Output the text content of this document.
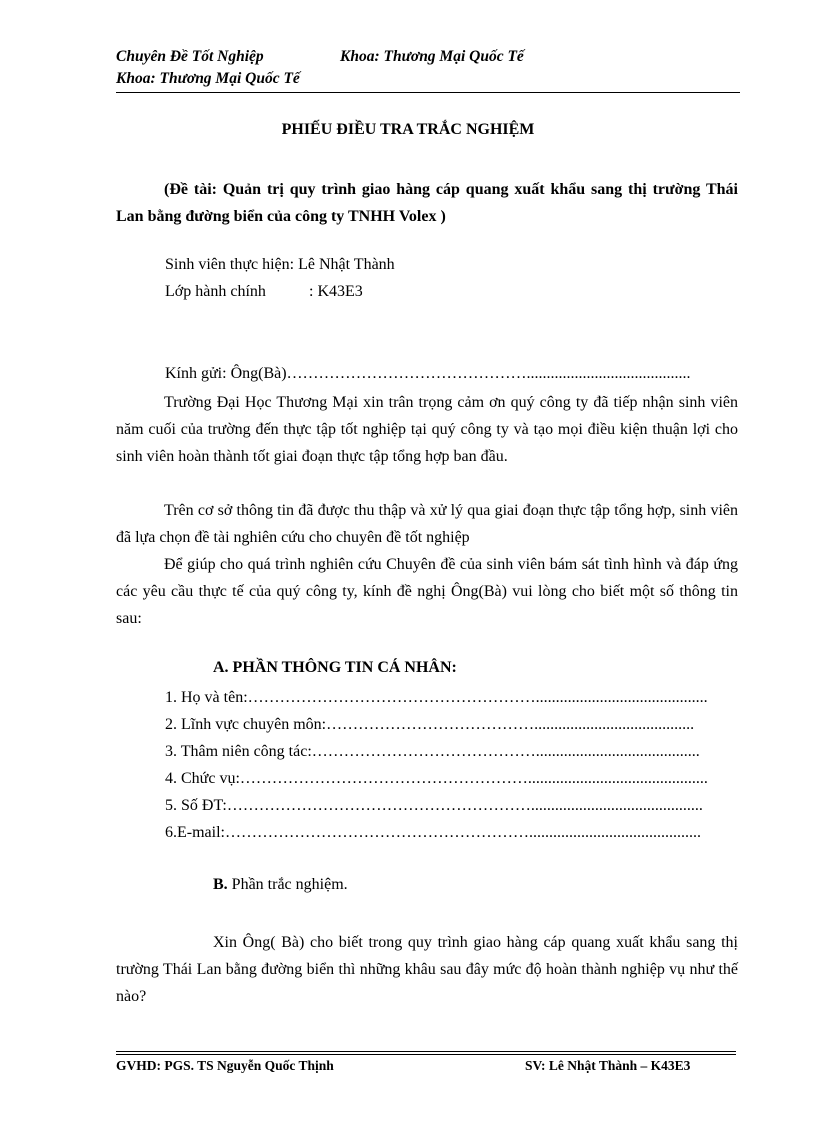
Chuyên Đề Tốt Nghiệp	Khoa: Thương Mại Quốc Tế
Khoa: Thương Mại Quốc Tế
PHIẾU ĐIỀU TRA TRẮC NGHIỆM
(Đề tài: Quản trị quy trình giao hàng cáp quang xuất khẩu sang thị trường Thái Lan bằng đường biển của công ty TNHH Volex )
Sinh viên thực hiện: Lê Nhật Thành
Lớp hành chính	: K43E3
Kính gửi: Ông(Bà)……………………………………….........................................
Trường Đại Học Thương Mại xin trân trọng cảm ơn quý công ty đã tiếp nhận sinh viên năm cuối của trường đến thực tập tốt nghiệp tại quý công ty và tạo mọi điều kiện thuận lợi cho sinh viên hoàn thành tốt giai đoạn thực tập tổng hợp ban đầu.
Trên cơ sở thông tin đã được thu thập và xử lý qua giai đoạn thực tập tổng hợp, sinh viên đã lựa chọn đề tài nghiên cứu cho chuyên đề tốt nghiệp
Để giúp cho quá trình nghiên cứu Chuyên đề của sinh viên bám sát tình hình và đáp ứng các yêu cầu thực tế của quý công ty, kính đề nghị Ông(Bà) vui lòng cho biết một số thông tin sau:
A. PHẦN THÔNG TIN CÁ NHÂN:
1. Họ và tên:………………………………………………...........................................
2. Lĩnh vực chuyên môn:…………………………………........................................
3. Thâm niên công tác:…………………………………….........................................
4. Chức vụ:……………………………………………….............................................
5. Số ĐT:…………………………………………………...........................................
6.E-mail:…………………………………………………...........................................
B. Phần trắc nghiệm.
Xin Ông( Bà) cho biết trong quy trình giao hàng cáp quang xuất khẩu sang thị trường Thái Lan bằng đường biển thì những khâu sau đây mức độ hoàn thành nghiệp vụ như thế nào?
GVHD: PGS. TS Nguyễn Quốc Thịnh	SV: Lê Nhật Thành – K43E3
